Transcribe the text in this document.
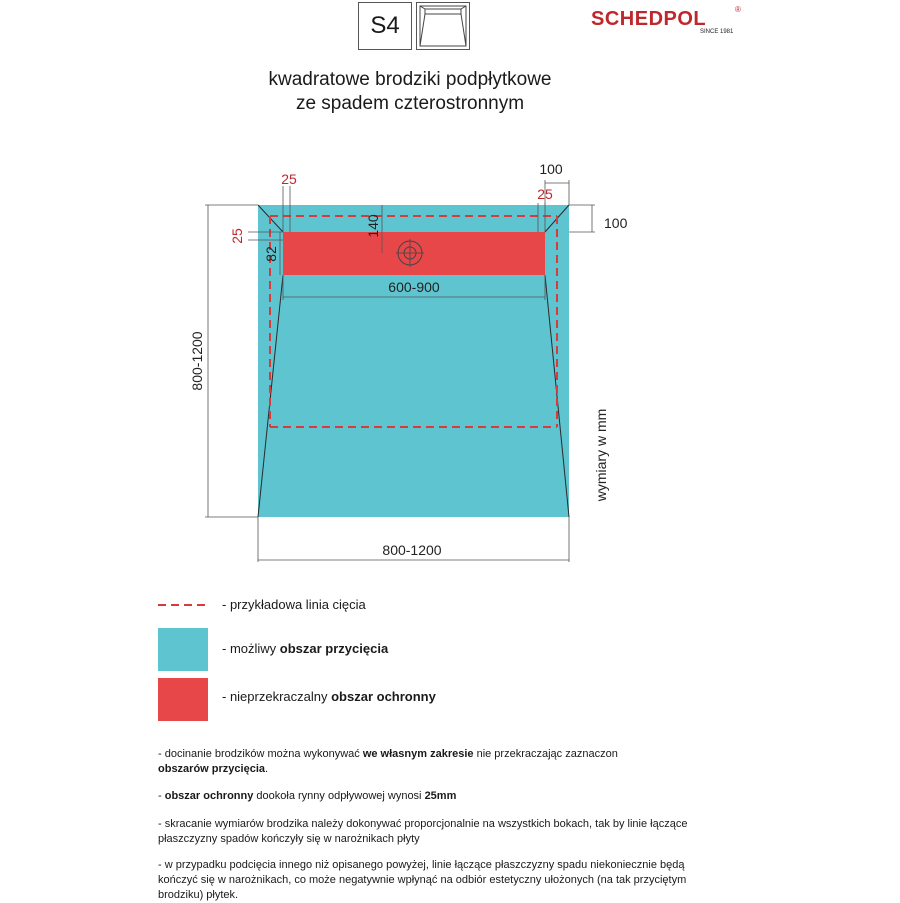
S4	SCHEDPOL	®
SINCE 1981
kwadratowe brodziki podpłytkowe
ze spadem czterostronnym
25
25
100
100
25	140
82
600-900
800-1200
800-1200
wymiary w mm
- przykładowa linia cięcia
- możliwy obszar przycięcia
- nieprzekraczalny obszar ochronny
- docinanie brodzików można wykonywać we własnym zakresie nie przekraczając zaznaczon
obszarów przycięcia.
- obszar ochronny dookoła rynny odpływowej wynosi 25mm
- skracanie wymiarów brodzika należy dokonywać proporcjonalnie na wszystkich bokach, tak by linie łączące płaszczyzny spadów kończyły się w narożnikach płyty
- w przypadku podcięcia innego niż opisanego powyżej, linie łączące płaszczyzny spadu niekoniecznie będą kończyć się w narożnikach, co może negatywnie wpłynąć na odbiór estetyczny ułożonych (na tak przyciętym brodziku) płytek.
